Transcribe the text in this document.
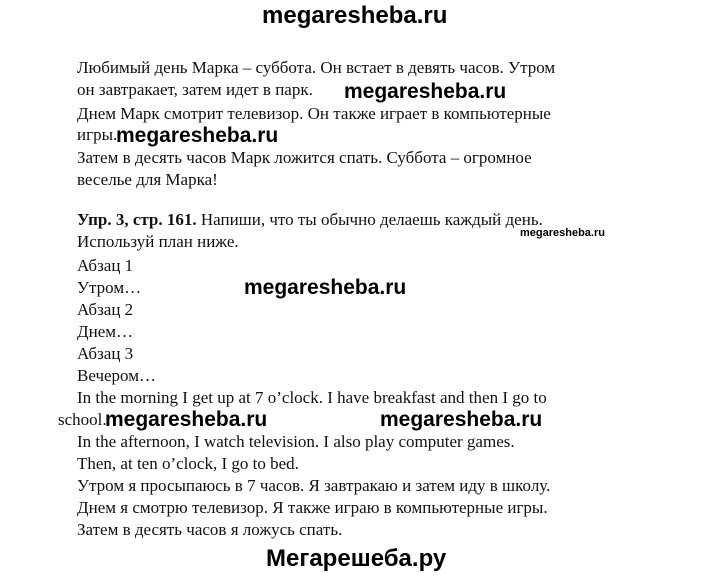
megaresheba.ru
Любимый день Марка – суббота. Он встает в девять часов. Утром
он завтракает, затем идет в парк. megaresheba.ru
Днем Марк смотрит телевизор. Он также играет в компьютерные
игры.
megaresheba.ru
Затем в десять часов Марк ложится спать. Суббота – огромное
веселье для Марка!
Упр. 3, стр. 161. Напиши, что ты обычно делаешь каждый день.
Используй план ниже.	megaresheba.ru
Абзац 1
Утром…	megaresheba.ru
Абзац 2
Днем…
Абзац 3
Вечером…
In the morning I get up at 7 o’clock. I have breakfast and then I go to
school.
megaresheba.ru	megaresheba.ru
In the afternoon, I watch television. I also play computer games.
Then, at ten o’clock, I go to bed.
Утром я просыпаюсь в 7 часов. Я завтракаю и затем иду в школу.
Днем я смотрю телевизор. Я также играю в компьютерные игры.
Затем в десять часов я ложусь спать.
Мегарешеба.ру
